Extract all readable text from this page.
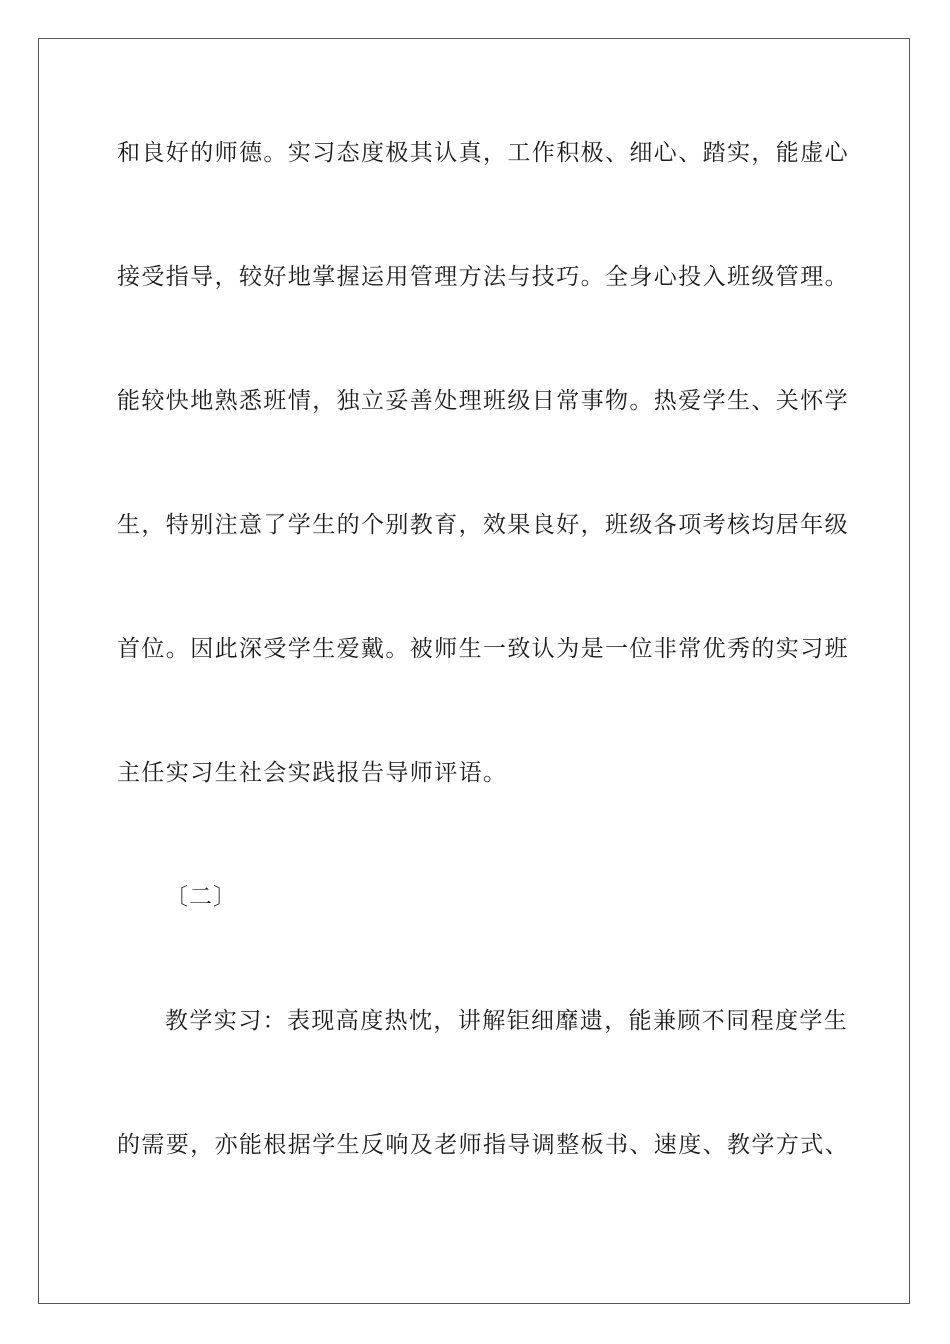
和良好的师德。实习态度极其认真，工作积极、细心、踏实，能虚心
接受指导，较好地掌握运用管理方法与技巧。全身心投入班级管理。
能较快地熟悉班情，独立妥善处理班级日常事物。热爱学生、关怀学
生，特别注意了学生的个别教育，效果良好，班级各项考核均居年级
首位。因此深受学生爱戴。被师生一致认为是一位非常优秀的实习班
主任实习生社会实践报告导师评语。
〔二〕
教学实习：表现高度热忱，讲解钜细靡遗，能兼顾不同程度学生
的需要，亦能根据学生反响及老师指导调整板书、速度、教学方式、
